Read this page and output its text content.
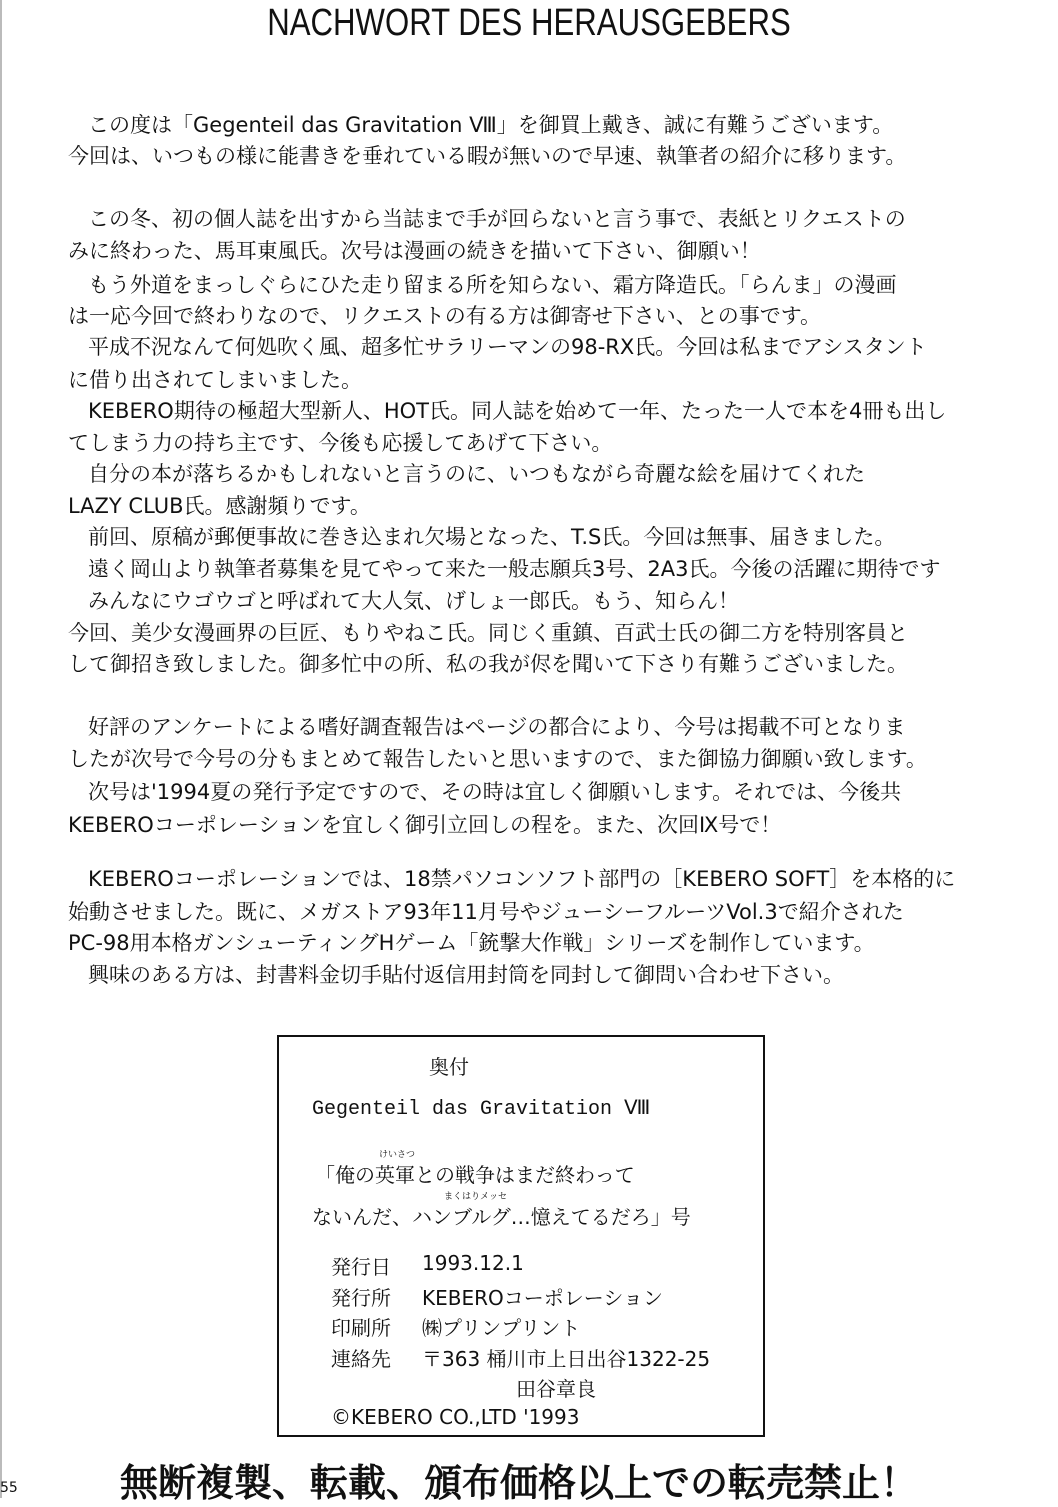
NACHWORT DES HERAUSGEBERS
この度は「Gegenteil das Gravitation Ⅷ」を御買上戴き、誠に有難うございます。
今回は、いつもの様に能書きを垂れている暇が無いので早速、執筆者の紹介に移ります。
この冬、初の個人誌を出すから当誌まで手が回らないと言う事で、表紙とリクエストの
みに終わった、馬耳東風氏。次号は漫画の続きを描いて下さい、御願い！
もう外道をまっしぐらにひた走り留まる所を知らない、霜方降造氏。「らんま」の漫画
は一応今回で終わりなので、リクエストの有る方は御寄せ下さい、との事です。
平成不況なんて何処吹く風、超多忙サラリーマンの98-RX氏。今回は私までアシスタント
に借り出されてしまいました。
KEBERO期待の極超大型新人、HOT氏。同人誌を始めて一年、たった一人で本を4冊も出し
てしまう力の持ち主です、今後も応援してあげて下さい。
自分の本が落ちるかもしれないと言うのに、いつもながら奇麗な絵を届けてくれた
LAZY CLUB氏。感謝頻りです。
前回、原稿が郵便事故に巻き込まれ欠場となった、T.S氏。今回は無事、届きました。
遠く岡山より執筆者募集を見てやって来た一般志願兵3号、2A3氏。今後の活躍に期待です
みんなにウゴウゴと呼ばれて大人気、げしょ一郎氏。もう、知らん！
今回、美少女漫画界の巨匠、もりやねこ氏。同じく重鎮、百武士氏の御二方を特別客員と
して御招き致しました。御多忙中の所、私の我が侭を聞いて下さり有難うございました。
好評のアンケートによる嗜好調査報告はページの都合により、今号は掲載不可となりま
したが次号で今号の分もまとめて報告したいと思いますので、また御協力御願い致します。
次号は'1994夏の発行予定ですので、その時は宜しく御願いします。それでは、今後共
KEBEROコーポレーションを宜しく御引立回しの程を。また、次回Ⅸ号で！
KEBEROコーポレーションでは、18禁パソコンソフト部門の［KEBERO SOFT］を本格的に
始動させました。既に、メガストア93年11月号やジューシーフルーツVol.3で紹介された
PC-98用本格ガンシューティングHゲーム「銃撃大作戦」シリーズを制作しています。
興味のある方は、封書料金切手貼付返信用封筒を同封して御問い合わせ下さい。
奥付
Gegenteil das Gravitation Ⅷ
けいさつ
「俺の英軍との戦争はまだ終わって
まくはりメッセ
ないんだ、ハンブルグ…憶えてるだろ」号
発行日 1993.12.1
発行所 KEBEROコーポレーション
印刷所 ㈱プリンプリント
連絡先 〒363 桶川市上日出谷1322-25
田谷章良
©KEBERO CO.,LTD '1993
無断複製、転載、頒布価格以上での転売禁止！
55
